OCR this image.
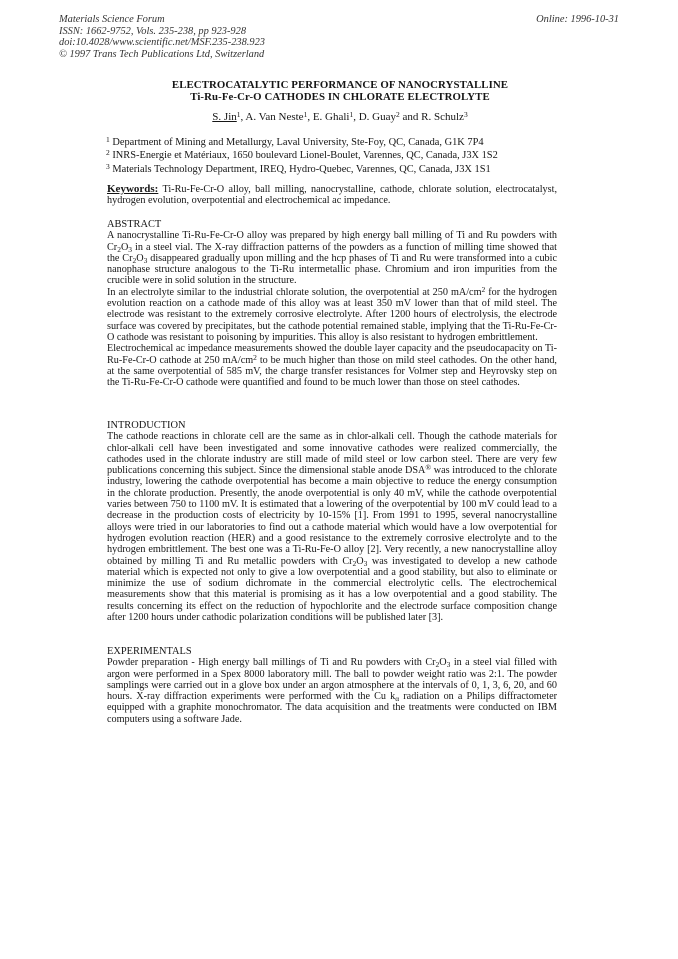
Materials Science Forum
ISSN: 1662-9752, Vols. 235-238, pp 923-928
doi:10.4028/www.scientific.net/MSF.235-238.923
© 1997 Trans Tech Publications Ltd, Switzerland
Online: 1996-10-31
ELECTROCATALYTIC PERFORMANCE OF NANOCRYSTALLINE
Ti-Ru-Fe-Cr-O CATHODES IN CHLORATE ELECTROLYTE
S. Jin$^1$, A. Van Neste$^1$, E. Ghali$^1$, D. Guay$^2$ and R. Schulz$^3$
$^1$ Department of Mining and Metallurgy, Laval University, Ste-Foy, QC, Canada, G1K 7P4
$^2$ INRS-Energie et Matériaux, 1650 boulevard Lionel-Boulet, Varennes, QC, Canada, J3X 1S2
$^3$ Materials Technology Department, IREQ, Hydro-Quebec, Varennes, QC, Canada, J3X 1S1
Keywords: Ti-Ru-Fe-Cr-O alloy, ball milling, nanocrystalline, cathode, chlorate solution, electrocatalyst, hydrogen evolution, overpotential and electrochemical ac impedance.
ABSTRACT
A nanocrystalline Ti-Ru-Fe-Cr-O alloy was prepared by high energy ball milling of Ti and Ru powders with $Cr_2O_3$ in a steel vial. The X-ray diffraction patterns of the powders as a function of milling time showed that the $Cr_2O_3$ disappeared gradually upon milling and the hcp phases of Ti and Ru were transformed into a cubic nanophase structure analogous to the Ti-Ru intermetallic phase. Chromium and iron impurities from the crucible were in solid solution in the structure.
In an electrolyte similar to the industrial chlorate solution, the overpotential at 250 $mA/cm^2$ for the hydrogen evolution reaction on a cathode made of this alloy was at least 350 mV lower than that of mild steel. The electrode was resistant to the extremely corrosive electrolyte. After 1200 hours of electrolysis, the electrode surface was covered by precipitates, but the cathode potential remained stable, implying that the Ti-Ru-Fe-Cr-O cathode was resistant to poisoning by impurities. This alloy is also resistant to hydrogen embrittlement.
Electrochemical ac impedance measurements showed the double layer capacity and the pseudocapacity on Ti-Ru-Fe-Cr-O cathode at 250 $mA/cm^2$ to be much higher than those on mild steel cathodes. On the other hand, at the same overpotential of 585 mV, the charge transfer resistances for Volmer step and Heyrovsky step on the Ti-Ru-Fe-Cr-O cathode were quantified and found to be much lower than those on steel cathodes.
INTRODUCTION
The cathode reactions in chlorate cell are the same as in chlor-alkali cell. Though the cathode materials for chlor-alkali cell have been investigated and some innovative cathodes were realized commercially, the cathodes used in the chlorate industry are still made of mild steel or low carbon steel. There are very few publications concerning this subject. Since the dimensional stable anode DSA® was introduced to the chlorate industry, lowering the cathode overpotential has become a main objective to reduce the energy consumption in the chlorate production. Presently, the anode overpotential is only 40 mV, while the cathode overpotential varies between 750 to 1100 mV. It is estimated that a lowering of the overpotential by 100 mV could lead to a decrease in the production costs of electricity by 10-15% [1]. From 1991 to 1995, several nanocrystalline alloys were tried in our laboratories to find out a cathode material which would have a low overpotential for hydrogen evolution reaction (HER) and a good resistance to the extremely corrosive electrolyte and to the hydrogen embrittlement. The best one was a Ti-Ru-Fe-O alloy [2]. Very recently, a new nanocrystalline alloy obtained by milling Ti and Ru metallic powders with $Cr_2O_3$ was investigated to develop a new cathode material which is expected not only to give a low overpotential and a good stability, but also to eliminate or minimize the use of sodium dichromate in the commercial electrolytic cells. The electrochemical measurements show that this material is promising as it has a low overpotential and a good stability. The results concerning its effect on the reduction of hypochlorite and the electrode surface composition change after 1200 hours under cathodic polarization conditions will be published later [3].
EXPERIMENTALS
Powder preparation - High energy ball millings of Ti and Ru powders with $Cr_2O_3$ in a steel vial filled with argon were performed in a Spex 8000 laboratory mill. The ball to powder weight ratio was 2:1. The powder samplings were carried out in a glove box under an argon atmosphere at the intervals of 0, 1, 3, 6, 20, and 60 hours. X-ray diffraction experiments were performed with the Cu $k_\alpha$ radiation on a Philips diffractometer equipped with a graphite monochromator. The data acquisition and the treatments were conducted on IBM computers using a software Jade.
